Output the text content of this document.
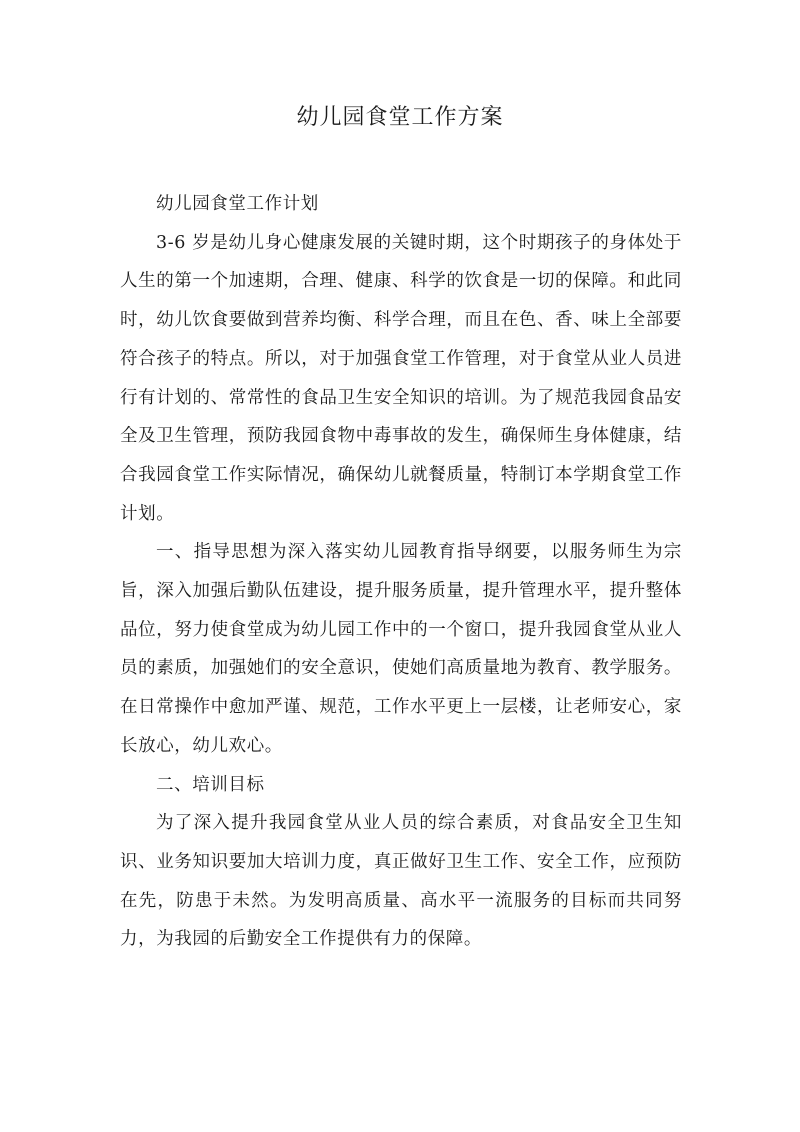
幼儿园食堂工作方案

幼儿园食堂工作计划

3-6 岁是幼儿身心健康发展的关键时期，这个时期孩子的身体处于人生的第一个加速期，合理、健康、科学的饮食是一切的保障。和此同时，幼儿饮食要做到营养均衡、科学合理，而且在色、香、味上全部要符合孩子的特点。所以，对于加强食堂工作管理，对于食堂从业人员进行有计划的、常常性的食品卫生安全知识的培训。为了规范我园食品安全及卫生管理，预防我园食物中毒事故的发生，确保师生身体健康，结合我园食堂工作实际情况，确保幼儿就餐质量，特制订本学期食堂工作计划。

一、指导思想为深入落实幼儿园教育指导纲要，以服务师生为宗旨，深入加强后勤队伍建设，提升服务质量，提升管理水平，提升整体品位，努力使食堂成为幼儿园工作中的一个窗口，提升我园食堂从业人员的素质，加强她们的安全意识，使她们高质量地为教育、教学服务。在日常操作中愈加严谨、规范，工作水平更上一层楼，让老师安心，家长放心，幼儿欢心。

二、培训目标

为了深入提升我园食堂从业人员的综合素质，对食品安全卫生知识、业务知识要加大培训力度，真正做好卫生工作、安全工作，应预防在先，防患于未然。为发明高质量、高水平一流服务的目标而共同努力，为我园的后勤安全工作提供有力的保障。
